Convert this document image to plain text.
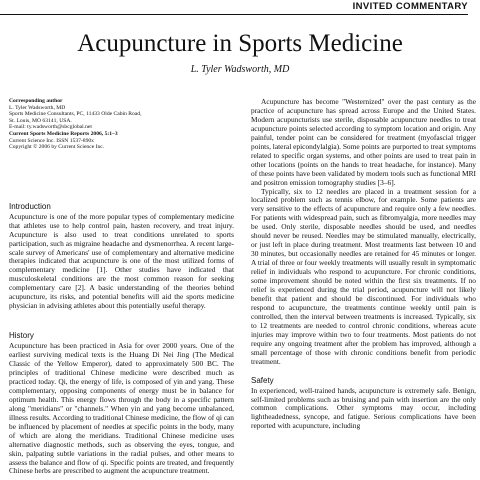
INVITED COMMENTARY
Acupuncture in Sports Medicine
L. Tyler Wadsworth, MD
Corresponding author
L. Tyler Wadsworth, MD
Sports Medicine Consultants, PC, 11433 Olde Cabin Road,
St. Louis, MO 63141, USA.
E-mail: ty.wadsworth@sbcglobal.net
Current Sports Medicine Reports 2006, 5:1–3
Current Science Inc. ISSN 1537-890x
Copyright © 2006 by Current Science Inc.
Introduction

Acupuncture is one of the more popular types of complementary medicine that athletes use to help control pain, hasten recovery, and treat injury. Acupuncture is also used to treat conditions unrelated to sports participation, such as migraine headache and dysmenorrhea. A recent large-scale survey of Americans' use of complementary and alternative medicine therapies indicated that acupuncture is one of the most utilized forms of complementary medicine [1]. Other studies have indicated that musculoskeletal conditions are the most common reason for seeking complementary care [2]. A basic understanding of the theories behind acupuncture, its risks, and potential benefits will aid the sports medicine physician in advising athletes about this potentially useful therapy.

History

Acupuncture has been practiced in Asia for over 2000 years. One of the earliest surviving medical texts is the Huang Di Nei Jing (The Medical Classic of the Yellow Emperor), dated to approximately 500 BC. The principles of traditional Chinese medicine were described much as practiced today. Qi, the energy of life, is composed of yin and yang. These complementary, opposing components of energy must be in balance for optimum health. This energy flows through the body in a specific pattern along "meridians" or "channels." When yin and yang become unbalanced, illness results. According to traditional Chinese medicine, the flow of qi can be influenced by placement of needles at specific points in the body, many of which are along the meridians. Traditional Chinese medicine uses alternative diagnostic methods, such as observing the eyes, tongue, and skin, palpating subtle variations in the radial pulses, and other means to assess the balance and flow of qi. Specific points are treated, and frequently Chinese herbs are prescribed to augment the acupuncture treatment.

Acupuncture has become "Westernized" over the past century as the practice of acupuncture has spread across Europe and the United States. Modern acupuncturists use sterile, disposable acupuncture needles to treat acupuncture points selected according to symptom location and origin. Any painful, tender point can be considered for treatment (myofascial trigger points, lateral epicondylalgia). Some points are purported to treat symptoms related to specific organ systems, and other points are used to treat pain in other locations (points on the hands to treat headache, for instance). Many of these points have been validated by modern tools such as functional MRI and positron emission tomography studies [3–6].

Typically, six to 12 needles are placed in a treatment session for a localized problem such as tennis elbow, for example. Some patients are very sensitive to the effects of acupuncture and require only a few needles. For patients with widespread pain, such as fibromyalgia, more needles may be used. Only sterile, disposable needles should be used, and needles should never be reused. Needles may be stimulated manually, electrically, or just left in place during treatment. Most treatments last between 10 and 30 minutes, but occasionally needles are retained for 45 minutes or longer. A trial of three or four weekly treatments will usually result in symptomatic relief in individuals who respond to acupuncture. For chronic conditions, some improvement should be noted within the first six treatments. If no relief is experienced during the trial period, acupuncture will not likely benefit that patient and should be discontinued. For individuals who respond to acupuncture, the treatments continue weekly until pain is controlled, then the interval between treatments is increased. Typically, six to 12 treatments are needed to control chronic conditions, whereas acute injuries may improve within two to four treatments. Most patients do not require any ongoing treatment after the problem has improved, although a small percentage of those with chronic conditions benefit from periodic treatment.

Safety

In experienced, well-trained hands, acupuncture is extremely safe. Benign, self-limited problems such as bruising and pain with insertion are the only common complications. Other symptoms may occur, including lightheadedness, syncope, and fatigue. Serious complications have been reported with acupuncture, including
